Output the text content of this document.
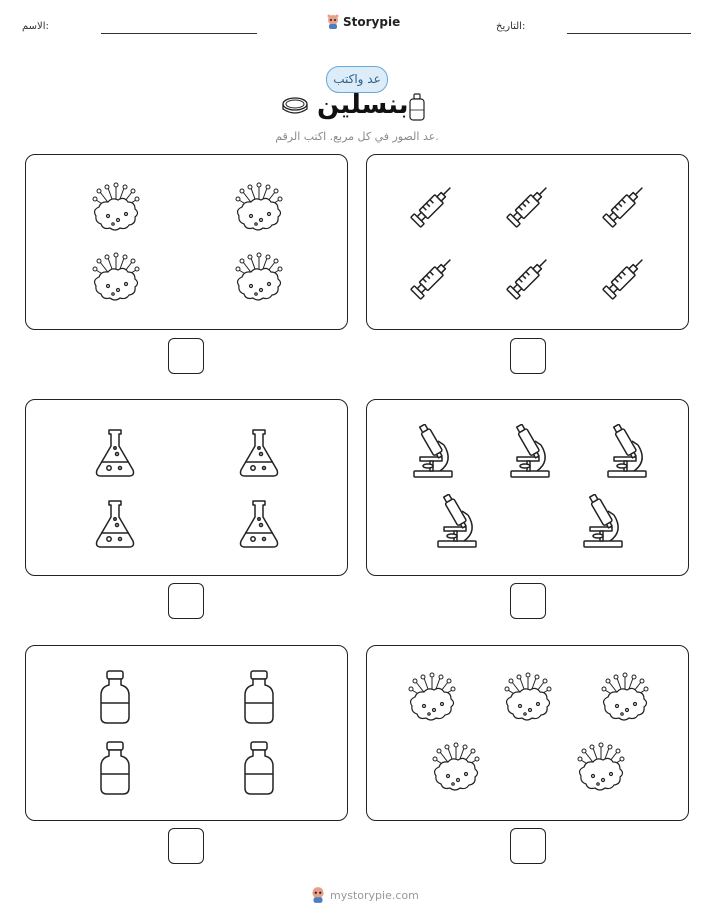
الاسم:	Storypie	التاريخ:
عد واكتب
بنسلين
عد الصور في كل مربع. اكتب الرقم.
mystorypie.com
